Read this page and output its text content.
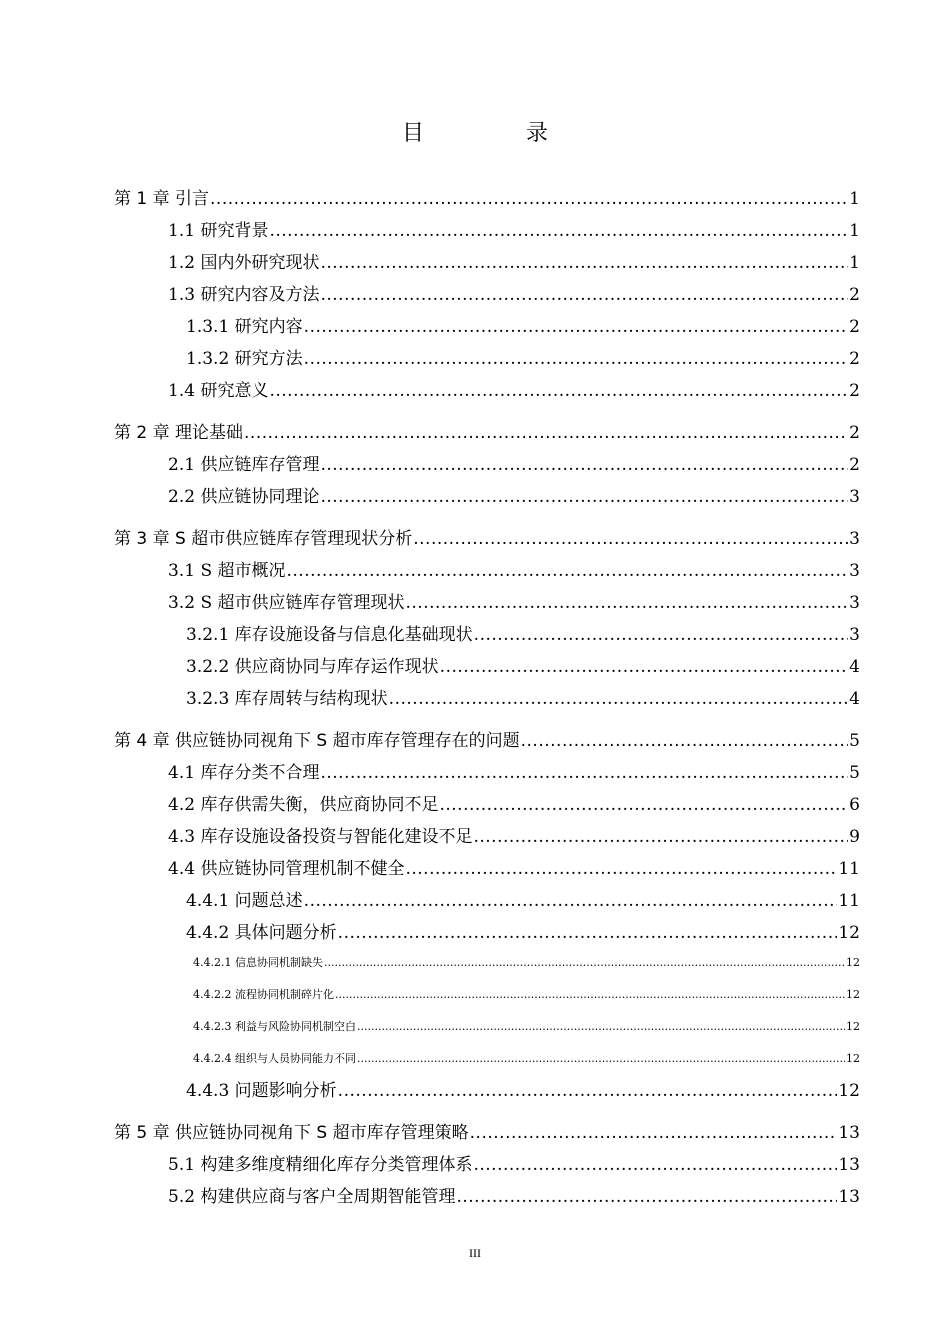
目　录
第 1 章 引言 .....	1
1.1 研究背景 .....	1
1.2 国内外研究现状 .....	1
1.3 研究内容及方法 .....	2
1.3.1 研究内容 .....	2
1.3.2 研究方法 .....	2
1.4 研究意义 .....	2
第 2 章 理论基础 .....	2
2.1 供应链库存管理 .....	2
2.2 供应链协同理论 .....	3
第 3 章 S 超市供应链库存管理现状分析 .....	3
3.1 S 超市概况 .....	3
3.2 S 超市供应链库存管理现状 .....	3
3.2.1 库存设施设备与信息化基础现状 .....	3
3.2.2 供应商协同与库存运作现状 .....	4
3.2.3 库存周转与结构现状 .....	4
第 4 章 供应链协同视角下 S 超市库存管理存在的问题 .....	5
4.1 库存分类不合理 .....	5
4.2 库存供需失衡，供应商协同不足 .....	6
4.3 库存设施设备投资与智能化建设不足 .....	9
4.4 供应链协同管理机制不健全 .....	11
4.4.1 问题总述 .....	11
4.4.2 具体问题分析 .....	12
4.4.2.1 信息协同机制缺失 .....	12
4.4.2.2 流程协同机制碎片化 .....	12
4.4.2.3 利益与风险协同机制空白 .....	12
4.4.2.4 组织与人员协同能力不同 .....	12
4.4.3 问题影响分析 .....	12
第 5 章 供应链协同视角下 S 超市库存管理策略 .....	13
5.1 构建多维度精细化库存分类管理体系 .....	13
5.2 构建供应商与客户全周期智能管理 .....	13
III
